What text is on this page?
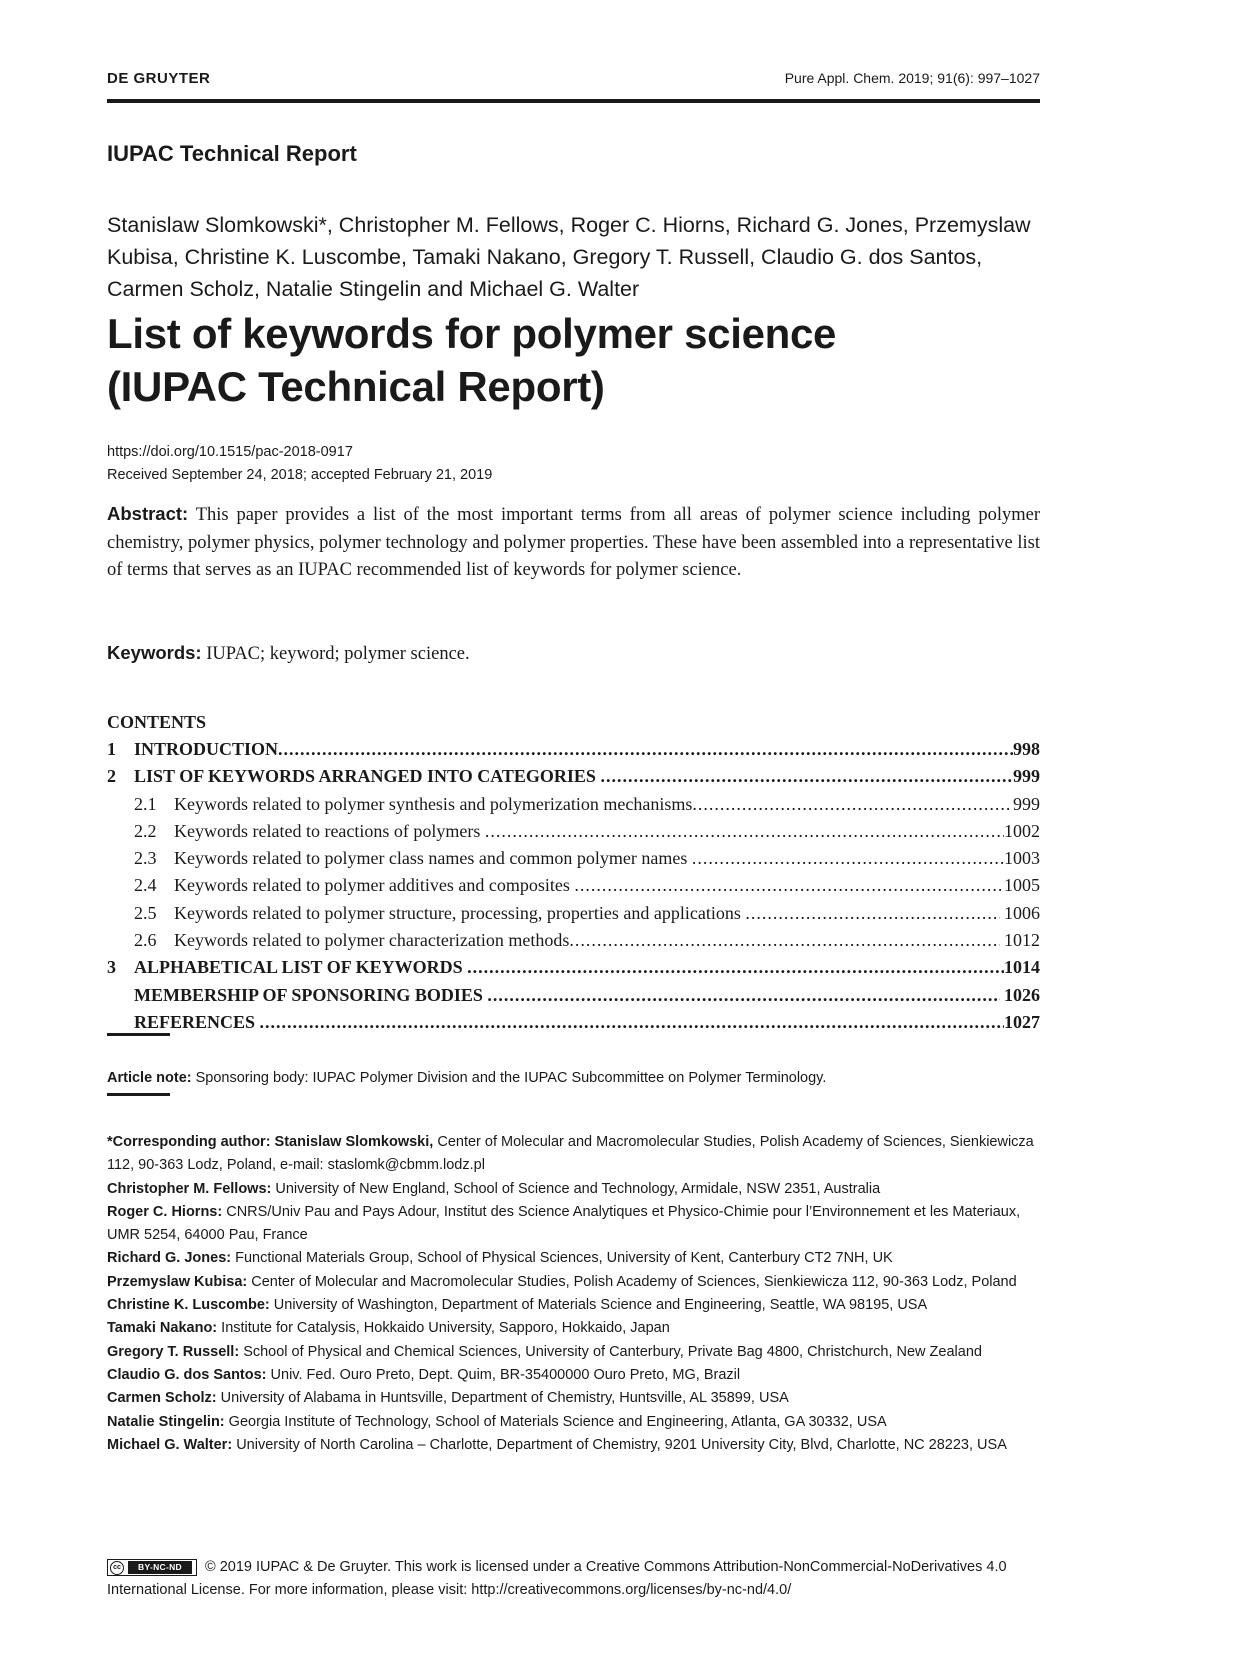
DE GRUYTER	Pure Appl. Chem. 2019; 91(6): 997–1027
IUPAC Technical Report
Stanislaw Slomkowski*, Christopher M. Fellows, Roger C. Hiorns, Richard G. Jones, Przemyslaw Kubisa, Christine K. Luscombe, Tamaki Nakano, Gregory T. Russell, Claudio G. dos Santos, Carmen Scholz, Natalie Stingelin and Michael G. Walter
List of keywords for polymer science
(IUPAC Technical Report)
https://doi.org/10.1515/pac-2018-0917
Received September 24, 2018; accepted February 21, 2019
Abstract: This paper provides a list of the most important terms from all areas of polymer science including polymer chemistry, polymer physics, polymer technology and polymer properties. These have been assembled into a representative list of terms that serves as an IUPAC recommended list of keywords for polymer science.
Keywords: IUPAC; keyword; polymer science.
CONTENTS
1	INTRODUCTION .....	998
2	LIST OF KEYWORDS ARRANGED INTO CATEGORIES .....	999
2.1 Keywords related to polymer synthesis and polymerization mechanisms .....	999
2.2 Keywords related to reactions of polymers .....	1002
2.3 Keywords related to polymer class names and common polymer names .....	1003
2.4 Keywords related to polymer additives and composites .....	1005
2.5 Keywords related to polymer structure, processing, properties and applications .....	1006
2.6 Keywords related to polymer characterization methods .....	1012
3	ALPHABETICAL LIST OF KEYWORDS .....	1014
MEMBERSHIP OF SPONSORING BODIES .....	1026
REFERENCES .....	1027
Article note: Sponsoring body: IUPAC Polymer Division and the IUPAC Subcommittee on Polymer Terminology.
*Corresponding author: Stanislaw Slomkowski, Center of Molecular and Macromolecular Studies, Polish Academy of Sciences, Sienkiewicza 112, 90-363 Lodz, Poland, e-mail: staslomk@cbmm.lodz.pl
Christopher M. Fellows: University of New England, School of Science and Technology, Armidale, NSW 2351, Australia
Roger C. Hiorns: CNRS/Univ Pau and Pays Adour, Institut des Science Analytiques et Physico-Chimie pour l’Environnement et les Materiaux, UMR 5254, 64000 Pau, France
Richard G. Jones: Functional Materials Group, School of Physical Sciences, University of Kent, Canterbury CT2 7NH, UK
Przemyslaw Kubisa: Center of Molecular and Macromolecular Studies, Polish Academy of Sciences, Sienkiewicza 112, 90-363 Lodz, Poland
Christine K. Luscombe: University of Washington, Department of Materials Science and Engineering, Seattle, WA 98195, USA
Tamaki Nakano: Institute for Catalysis, Hokkaido University, Sapporo, Hokkaido, Japan
Gregory T. Russell: School of Physical and Chemical Sciences, University of Canterbury, Private Bag 4800, Christchurch, New Zealand
Claudio G. dos Santos: Univ. Fed. Ouro Preto, Dept. Quim, BR-35400000 Ouro Preto, MG, Brazil
Carmen Scholz: University of Alabama in Huntsville, Department of Chemistry, Huntsville, AL 35899, USA
Natalie Stingelin: Georgia Institute of Technology, School of Materials Science and Engineering, Atlanta, GA 30332, USA
Michael G. Walter: University of North Carolina – Charlotte, Department of Chemistry, 9201 University City, Blvd, Charlotte, NC 28223, USA
cc	BY-NC-ND	© 2019 IUPAC & De Gruyter. This work is licensed under a Creative Commons Attribution-NonCommercial-NoDerivatives 4.0 International License. For more information, please visit: http://creativecommons.org/licenses/by-nc-nd/4.0/
